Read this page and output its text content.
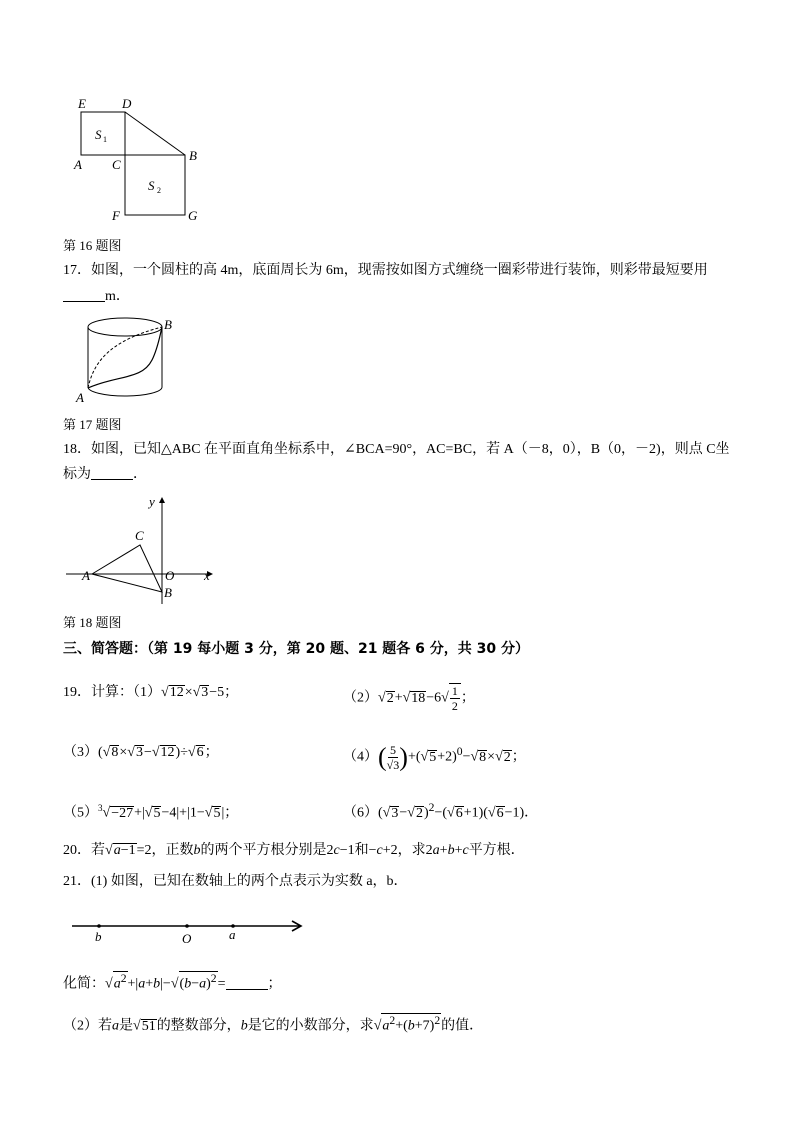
E	D
S 1
A C
B
S 2
F	G
第 16 题图
17．如图，一个圆柱的高 4m，底面周长为 6m，现需按如图方式缠绕一圈彩带进行装饰，则彩带最短要用
m．
B
A
第 17 题图
18．如图，已知△ABC 在平面直角坐标系中，∠BCA=90°，AC=BC，若 A（－8，0），B（0，－2)，则点 C坐
标为	．
y
x
O
A
C
B
第 18 题图
三、简答题：（第 19 每小题 3 分，第 20 题、21 题各 6 分，共 30 分）
19．计算：（1）√12×√3−5；	$(2)√2+√18-6√ \frac{1}{2}$ ；
（3）(√8×√3−√12)÷√6；	$(4)( \frac{5}{√3} )+(√5+2)^0-√8\times√2$；
$(5)^3√-27+|√5-4|+|1-√5|$；	$(6)(√3-√2)^2-(√6+1)(√6-1)$．
20．若√a−1=2，正数b的两个平方根分别是2c−1和−c+2，求2a+b+c平方根．
21．(1) 如图，已知在数轴上的两个点表示为实数 a，b．
b	O	a
化简：$√a^2+|a+b|-√(b-a)^2=$	；
（2）若a是√51的整数部分，b是它的小数部分，求$√a^2+(b+7)^2$的值．
